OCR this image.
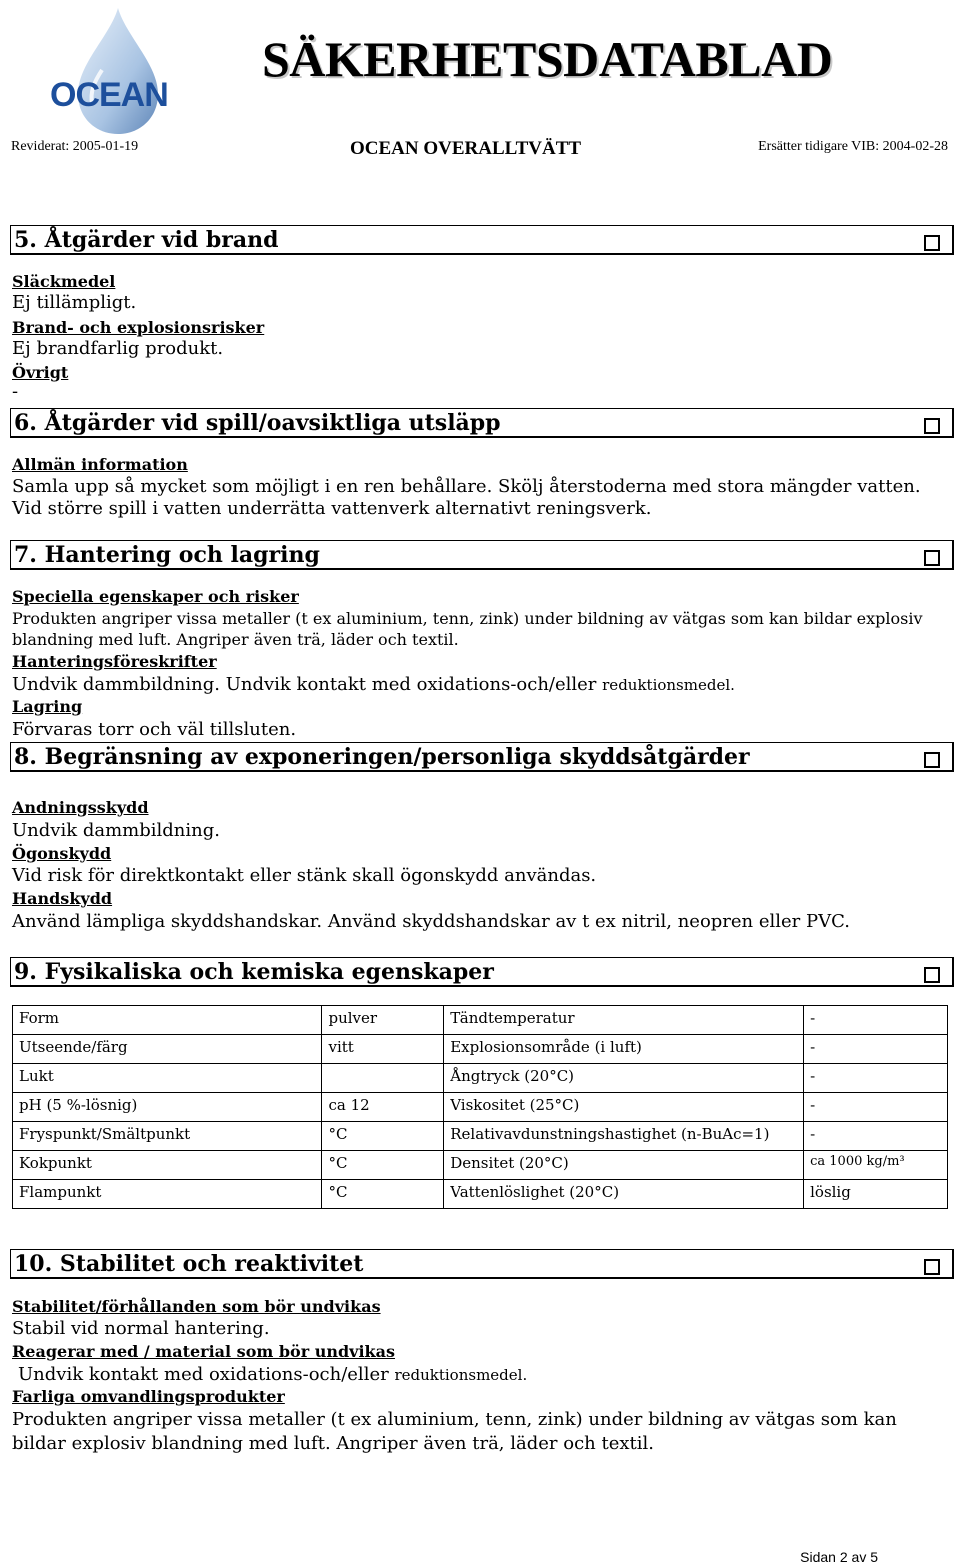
OCEAN
SÄKERHETSDATABLAD
Reviderat: 2005-01-19	OCEAN OVERALLTVÄTT	Ersätter tidigare VIB: 2004-02-28
5. Åtgärder vid brand
Släckmedel
Ej tillämpligt.
Brand- och explosionsrisker
Ej brandfarlig produkt.
Övrigt
-
6. Åtgärder vid spill/oavsiktliga utsläpp
Allmän information
Samla upp så mycket som möjligt i en ren behållare. Skölj återstoderna med stora mängder vatten. Vid större spill i vatten underrätta vattenverk alternativt reningsverk.
7. Hantering och lagring
Speciella egenskaper och risker
Produkten angriper vissa metaller (t ex aluminium, tenn, zink) under bildning av vätgas som kan bildar explosiv blandning med luft. Angriper även trä, läder och textil.
Hanteringsföreskrifter
Undvik dammbildning. Undvik kontakt med oxidations-och/eller reduktionsmedel.
Lagring
Förvaras torr och väl tillsluten.
8. Begränsning av exponeringen/personliga skyddsåtgärder
Andningsskydd
Undvik dammbildning.
Ögonskydd
Vid risk för direktkontakt eller stänk skall ögonskydd användas.
Handskydd
Använd lämpliga skyddshandskar. Använd skyddshandskar av t ex nitril, neopren eller PVC.
9. Fysikaliska och kemiska egenskaper
Form	pulver	Tändtemperatur	-
Utseende/färg	vitt	Explosionsområde (i luft)	-
Lukt		Ångtryck (20°C)	-
pH (5 %-lösnig)	ca 12	Viskositet (25°C)	-
Fryspunkt/Smältpunkt	°C	Relativavdunstningshastighet (n-BuAc=1)	-
Kokpunkt	°C	Densitet (20°C)	ca 1000 kg/m³
Flampunkt	°C	Vattenlöslighet (20°C)	löslig
10. Stabilitet och reaktivitet
Stabilitet/förhållanden som bör undvikas
Stabil vid normal hantering.
Reagerar med / material som bör undvikas
Undvik kontakt med oxidations-och/eller reduktionsmedel.
Farliga omvandlingsprodukter
Produkten angriper vissa metaller (t ex aluminium, tenn, zink) under bildning av vätgas som kan bildar explosiv blandning med luft. Angriper även trä, läder och textil.
Sidan 2 av 5
